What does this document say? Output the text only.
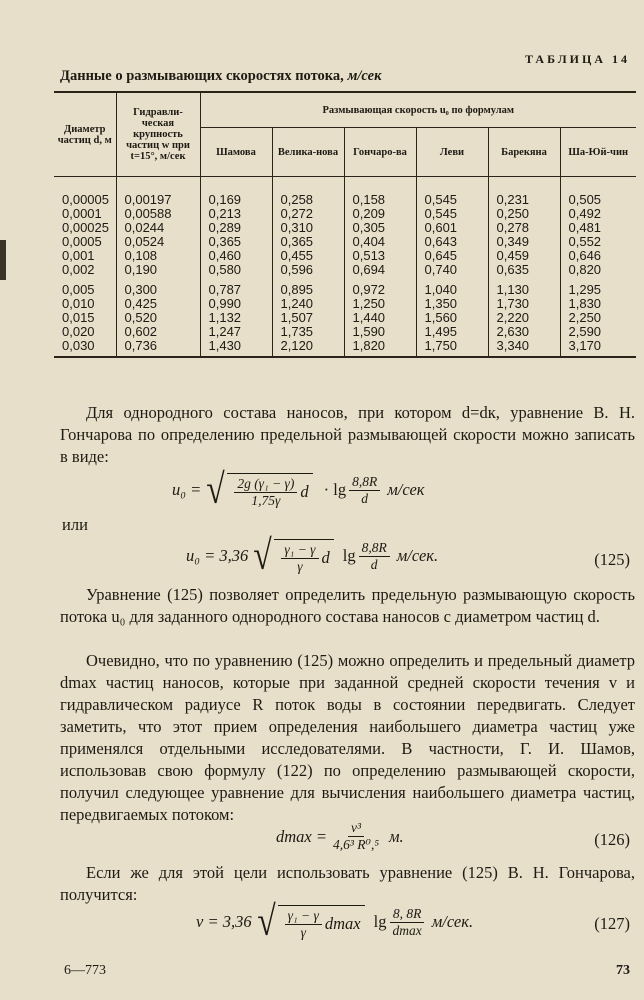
ТАБЛИЦА 14
Данные о размывающих скоростях потока, м/сек
Диаметр частиц d, м	Гидравли-ческая крупность частиц w при t=15°, м/сек	Размывающая скорость u₀ по формулам					
		Шамова	Велика-нова	Гончаро-ва	Леви	Барекяна	Ша-Юй-чин

0,00005	0,00197	0,169	0,258	0,158	0,545	0,231	0,505
0,0001	0,00588	0,213	0,272	0,209	0,545	0,250	0,492
0,00025	0,0244	0,289	0,310	0,305	0,601	0,278	0,481
0,0005	0,0524	0,365	0,365	0,404	0,643	0,349	0,552
0,001	0,108	0,460	0,455	0,513	0,645	0,459	0,646
0,002	0,190	0,580	0,596	0,694	0,740	0,635	0,820

0,005	0,300	0,787	0,895	0,972	1,040	1,130	1,295
0,010	0,425	0,990	1,240	1,250	1,350	1,730	1,830
0,015	0,520	1,132	1,507	1,440	1,560	2,220	2,250
0,020	0,602	1,247	1,735	1,590	1,495	2,630	2,590
0,030	0,736	1,430	2,120	1,820	1,750	3,340	3,170
Для однородного состава наносов, при котором d=dк, уравнение В. Н. Гончарова по определению предельной размывающей скорости можно записать в виде:
u₀ = √ $\frac{\text{2g (γ₁ − γ)}}{1,75\gamma}$ $d \cdot \lg \frac{8,8R}{d} м/сек$
или
u₀ = 3,36 √ $\frac{\text{γ₁ − γ}}{\gamma}$ d $\lg \frac{8,8R}{d} м/сек$.	(125)
Уравнение (125) позволяет определить предельную размывающую скорость потока u₀ для заданного однородного состава наносов с диаметром частиц d.
Очевидно, что по уравнению (125) можно определить и предельный диаметр dmax частиц наносов, которые при заданной средней скорости течения v и гидравлическом радиусе R поток воды в состоянии передвигать. Следует заметить, что этот прием определения наибольшего диаметра частиц уже применялся отдельными исследователями. В частности, Г. И. Шамов, использовав свою формулу (122) по определению размывающей скорости, получил следующее уравнение для вычисления наибольшего диаметра частиц, передвигаемых потоком:
$dmax = \frac{\text{v³}}{\text{4,6³ R⁰,⁵}} м$.	(126)
Если же для этой цели использовать уравнение (125) В. Н. Гончарова, получится:
v = 3,36 √ $\frac{\text{γ₁ − γ}}{\gamma}$ dmax $\lg \frac{8, 8R}{dmax} м/сек$.	(127)
6—773	73
